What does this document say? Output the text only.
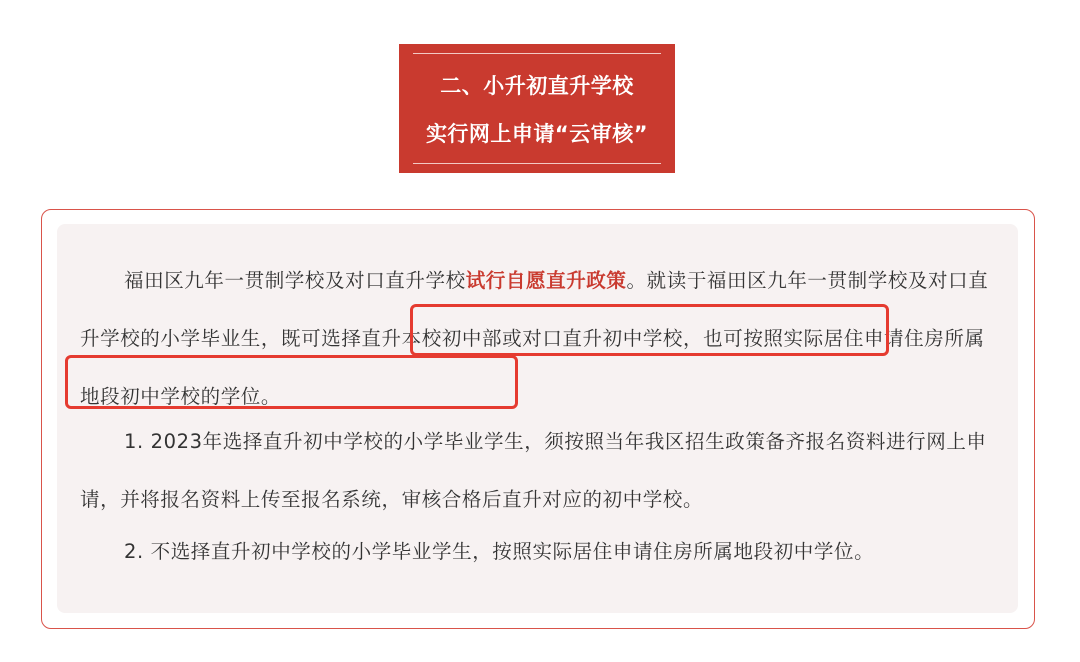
二、小升初直升学校
实行网上申请“云审核”

福田区九年一贯制学校及对口直升学校试行自愿直升政策。就读于福田区九年一贯制学校及对口直升学校的小学毕业生，既可选择直升本校初中部或对口直升初中学校，也可按照实际居住申请住房所属地段初中学校的学位。

1. 2023年选择直升初中学校的小学毕业学生，须按照当年我区招生政策备齐报名资料进行网上申请，并将报名资料上传至报名系统，审核合格后直升对应的初中学校。

2. 不选择直升初中学校的小学毕业学生，按照实际居住申请住房所属地段初中学位。
